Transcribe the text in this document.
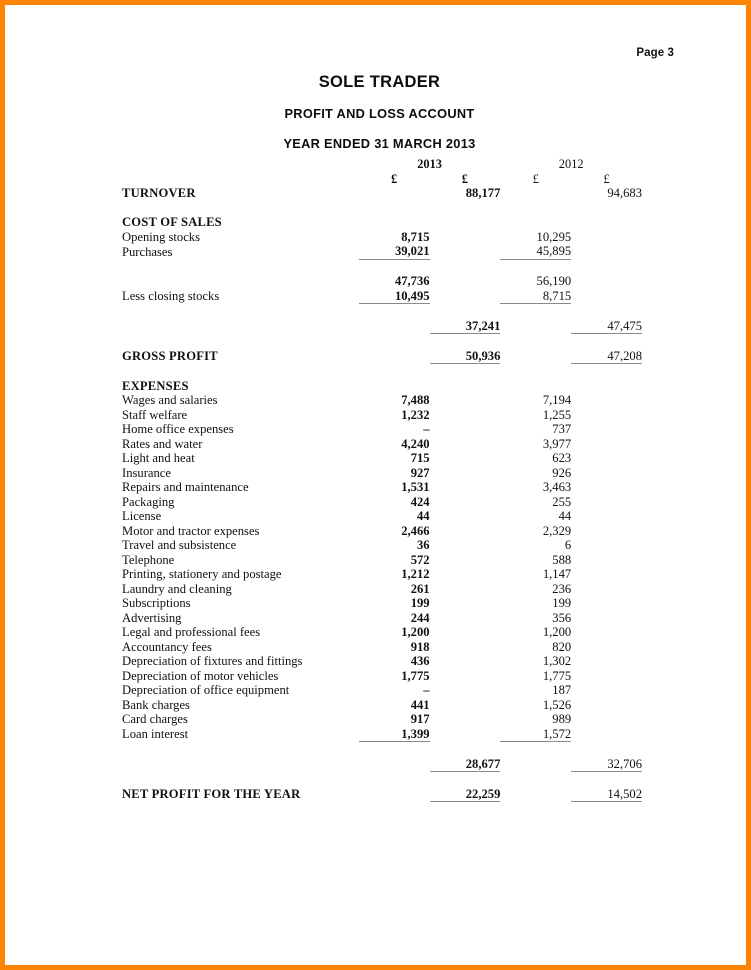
Page 3
SOLE TRADER
PROFIT AND LOSS ACCOUNT
YEAR ENDED 31 MARCH 2013
	2013		2012	
	£	£	£	£
TURNOVER		88,177		94,683

COST OF SALES				
Opening stocks	8,715		10,295	
Purchases	39,021		45,895	

	47,736		56,190	
Less closing stocks	10,495		8,715	

		37,241		47,475

GROSS PROFIT		50,936		47,208

EXPENSES				
Wages and salaries	7,488		7,194	
Staff welfare	1,232		1,255	
Home office expenses	–		737	
Rates and water	4,240		3,977	
Light and heat	715		623	
Insurance	927		926	
Repairs and maintenance	1,531		3,463	
Packaging	424		255	
License	44		44	
Motor and tractor expenses	2,466		2,329	
Travel and subsistence	36		6	
Telephone	572		588	
Printing, stationery and postage	1,212		1,147	
Laundry and cleaning	261		236	
Subscriptions	199		199	
Advertising	244		356	
Legal and professional fees	1,200		1,200	
Accountancy fees	918		820	
Depreciation of fixtures and fittings	436		1,302	
Depreciation of motor vehicles	1,775		1,775	
Depreciation of office equipment	–		187	
Bank charges	441		1,526	
Card charges	917		989	
Loan interest	1,399		1,572	

		28,677		32,706

NET PROFIT FOR THE YEAR		22,259		14,502
